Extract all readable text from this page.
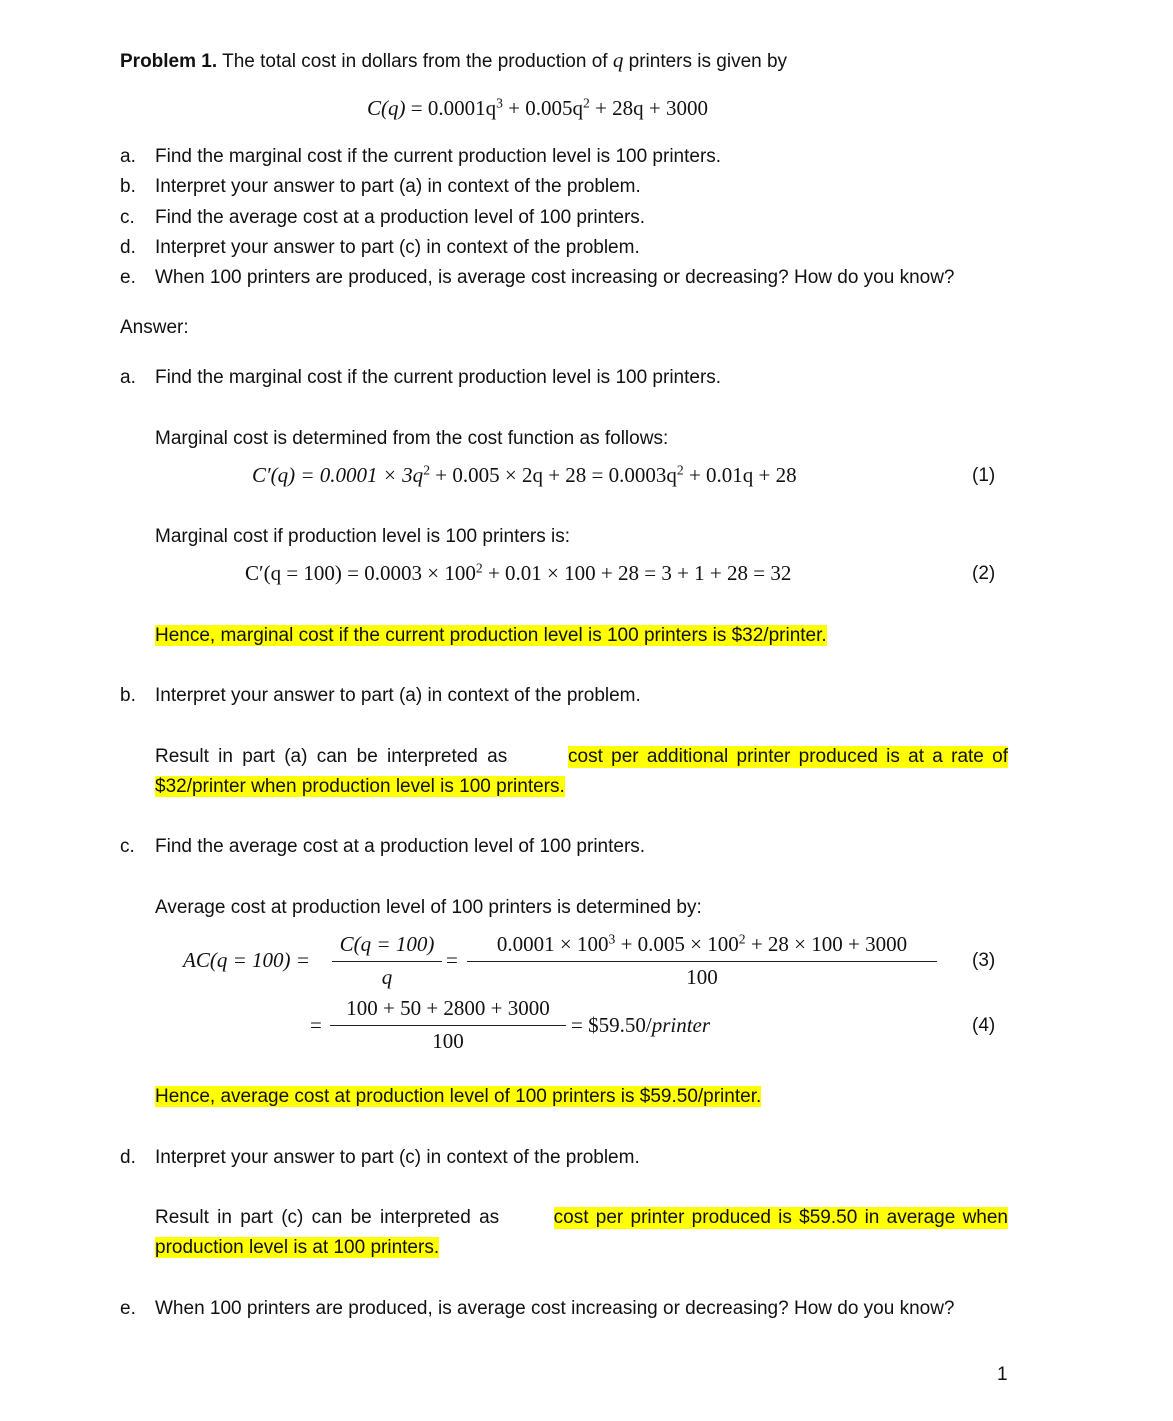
Problem 1. The total cost in dollars from the production of q printers is given by
$C(q) = 0.0001q^3 + 0.005q^2 + 28q + 3000$
a. Find the marginal cost if the current production level is 100 printers.
b. Interpret your answer to part (a) in context of the problem.
c. Find the average cost at a production level of 100 printers.
d. Interpret your answer to part (c) in context of the problem.
e. When 100 printers are produced, is average cost increasing or decreasing? How do you know?
Answer:
a. Find the marginal cost if the current production level is 100 printers.
Marginal cost is determined from the cost function as follows:
$C'(q) = 0.0001 \times 3q^2 + 0.005 \times 2q + 28 = 0.0003q^2 + 0.01q + 28$	(1)
Marginal cost if production level is 100 printers is:
$C'(q = 100) = 0.0003 \times 100^2 + 0.01 \times 100 + 28 = 3 + 1 + 28 = 32$	(2)
Hence, marginal cost if the current production level is 100 printers is $32/printer.
b. Interpret your answer to part (a) in context of the problem.
Result in part (a) can be interpreted as	cost per additional printer produced is at a rate of
$32/printer when production level is 100 printers.
c. Find the average cost at a production level of 100 printers.
Average cost at production level of 100 printers is determined by:
$AC(q = 100) = \frac{C(q = 100)}{q} = \frac{0.0001 \times 100^3 + 0.005 \times 100^2 + 28 \times 100 + 3000}{100} (3)$
= $\frac{100 + 50 + 2800 + 3000}{100}$ = $59.50/printer	(4)
Hence, average cost at production level of 100 printers is $59.50/printer.
d. Interpret your answer to part (c) in context of the problem.
Result in part (c) can be interpreted as	cost per printer produced is $59.50 in average when
production level is at 100 printers.
e. When 100 printers are produced, is average cost increasing or decreasing? How do you know?
1
